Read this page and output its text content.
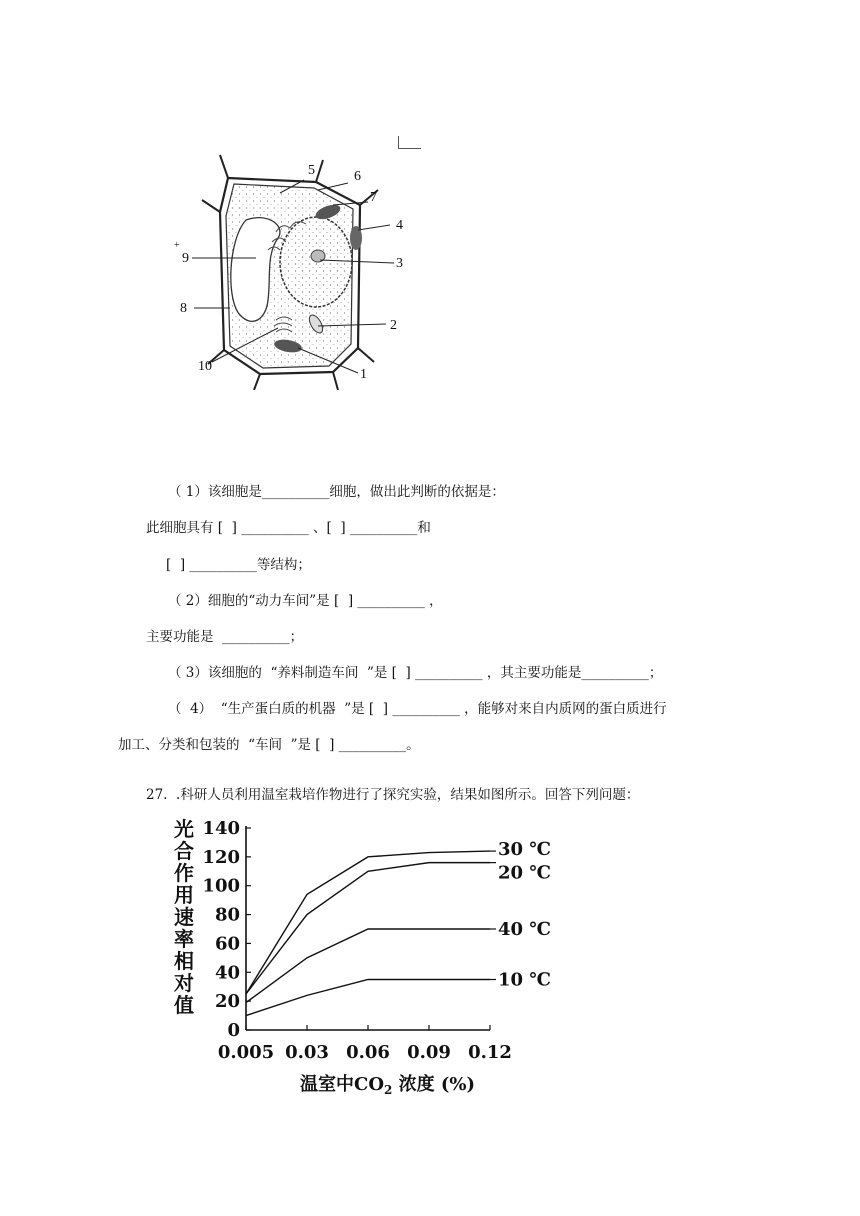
5	6
7
4
3
2
1
9
8
10
+
（ 1）该细胞是__________细胞，做出此判断的依据是：
此细胞具有 [  ] __________ 、[  ] __________和
[  ] __________等结构；
（ 2）细胞的“动力车间”是 [  ] __________ ，
主要功能是  __________；
（ 3）该细胞的  “养料制造车间  ”是 [  ] __________ ，其主要功能是__________；
（  4）  “生产蛋白质的机器  ”是 [  ] __________ ，能够对来自内质网的蛋白质进行
加工、分类和包装的  “车间  ”是 [  ] __________。
27.  .科研人员利用温室栽培作物进行了探究实验，结果如图所示。回答下列问题：
光
合
作
用
速
率
相
对
值
0
20
40
60
80
100
120
140
0.005 0.03 0.06 0.09 0.12
30 ℃
20 ℃
40 ℃
10 ℃
温室中$CO_2$ 浓度 (%)
